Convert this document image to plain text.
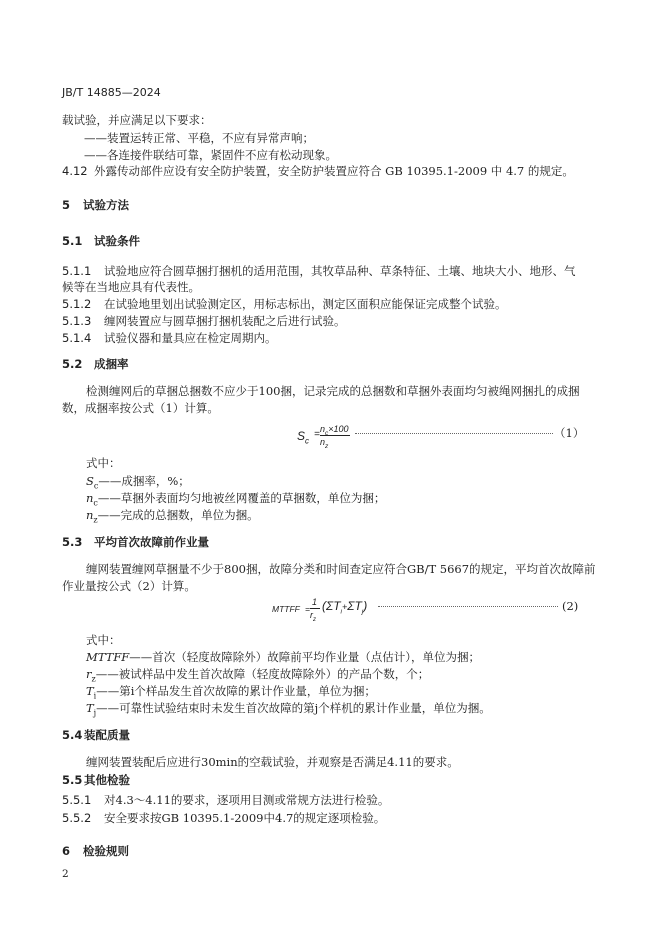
JB/T 14885—2024
载试验，并应满足以下要求：
——装置运转正常、平稳，不应有异常声响；
——各连接件联结可靠，紧固件不应有松动现象。
4.12 外露传动部件应设有安全防护装置，安全防护装置应符合 GB 10395.1-2009 中 4.7 的规定。
5 试验方法
5.1 试验条件
5.1.1 试验地应符合圆草捆打捆机的适用范围，其牧草品种、草条特征、土壤、地块大小、地形、气
候等在当地应具有代表性。
5.1.2 在试验地里划出试验测定区，用标志标出，测定区面积应能保证完成整个试验。
5.1.3 缠网装置应与圆草捆打捆机装配之后进行试验。
5.1.4 试验仪器和量具应在检定周期内。
5.2 成捆率
检测缠网后的草捆总捆数不应少于100捆，记录完成的总捆数和草捆外表面均匀被绳网捆扎的成捆
数，成捆率按公式（1）计算。
$S_c$
= $n_c\times 100$
$n_z$
（1）
式中：
$S_c——$成捆率，%；
$n_c——$草捆外表面均匀地被丝网覆盖的草捆数，单位为捆；
$n_z——$完成的总捆数，单位为捆。
5.3 平均首次故障前作业量
缠网装置缠网草捆量不少于800捆，故障分类和时间查定应符合GB/T 5667的规定，平均首次故障前
作业量按公式（2）计算。
MTTFF =
1
$r_z$
$(\Sigma T_i+\Sigma T_j)$	(2)
式中：
MTTFF——首次（轻度故障除外）故障前平均作业量（点估计），单位为捆；
$r_z——$被试样品中发生首次故障（轻度故障除外）的产品个数，个；
$T_i——$第i个样品发生首次故障的累计作业量，单位为捆；
$T_j——$可靠性试验结束时未发生首次故障的第j个样机的累计作业量，单位为捆。
5.4 装配质量
缠网装置装配后应进行30min的空载试验，并观察是否满足4.11的要求。
5.5 其他检验
5.5.1 对4.3～4.11的要求，逐项用目测或常规方法进行检验。
5.5.2 安全要求按GB 10395.1-2009中4.7的规定逐项检验。
6 检验规则
2
